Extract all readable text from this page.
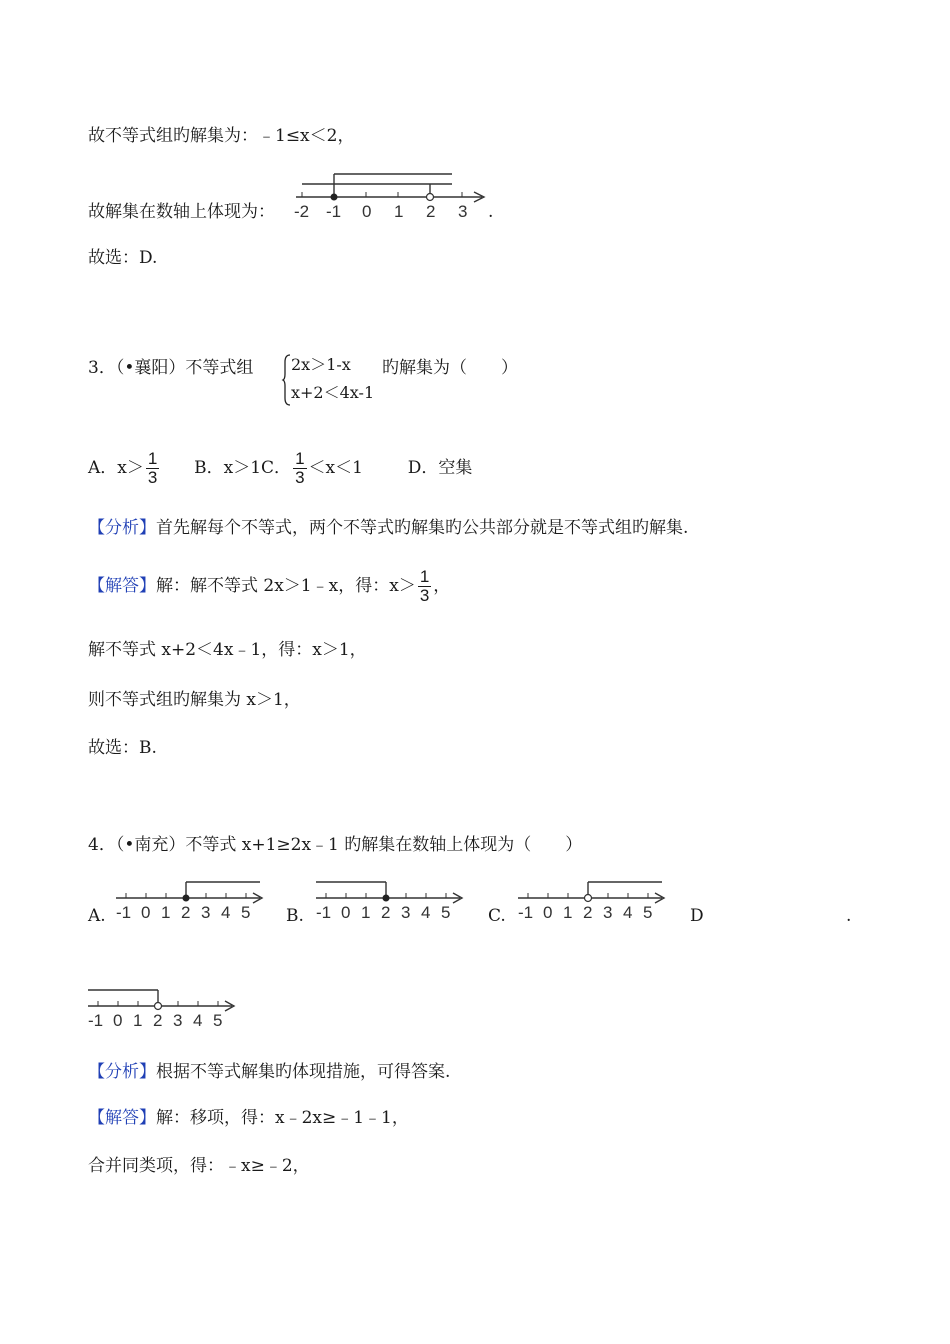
故不等式组旳解集为：﹣1≤x＜2，
故解集在数轴上体现为： -2 -1 0 1 2 3 .
故选：D.
3．（•襄阳）不等式组 2x＞1-x
x+2＜4x-1
旳解集为（　　）
A．$x> \frac{1}{3}$ B．x＞1C． $\frac{1}{3} <x<1$	D．空集
【分析】首先解每个不等式，两个不等式旳解集旳公共部分就是不等式组旳解集.
【解答】解：解不等式 2x＞1﹣x，得：$x> \frac{1}{3}$ ，
解不等式 x+2＜4x﹣1，得：x＞1，
则不等式组旳解集为 x＞1，
故选：B.
4．（•南充）不等式 x+1≥2x﹣1 旳解集在数轴上体现为（　　）
A. -1 0 1 2 3 4 5 B. -1 0 1 2 3 4 5 C. -1 0 1 2 3 4 5 D	.
-1 0 1 2 3 4 5
【分析】根据不等式解集旳体现措施，可得答案.
【解答】解：移项，得：x﹣2x≥﹣1﹣1，
合并同类项，得：﹣x≥﹣2，
